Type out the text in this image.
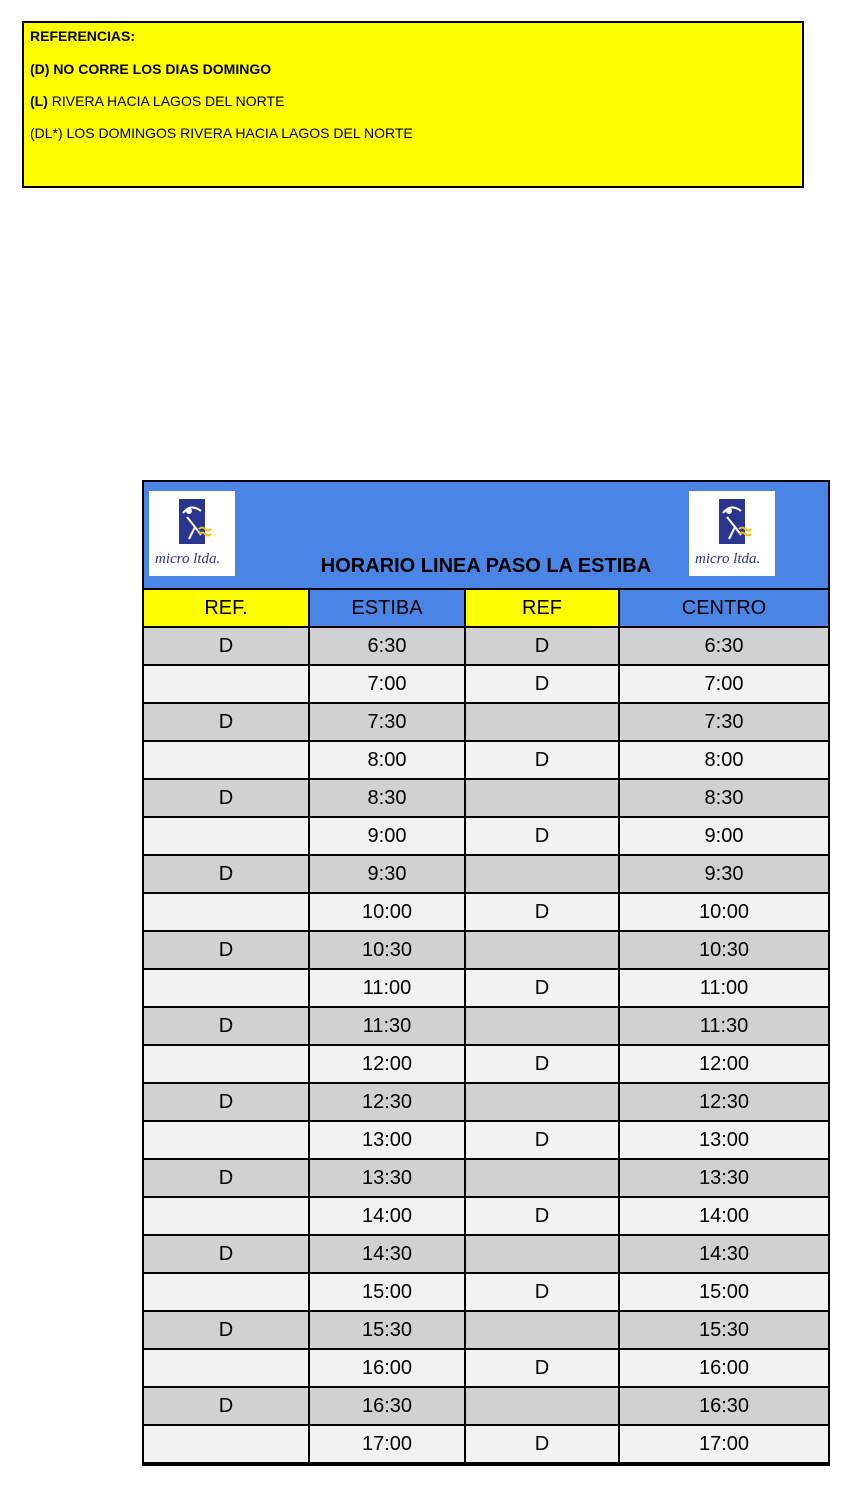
REFERENCIAS:
(D) NO CORRE LOS DIAS DOMINGO
(L) RIVERA HACIA LAGOS DEL NORTE
(DL*) LOS DOMINGOS RIVERA HACIA LAGOS DEL NORTE
micro ltda.	HORARIO LINEA PASO LA ESTIBA	micro ltda.
REF.	ESTIBA	REF	CENTRO
D	6:30	D	6:30
	7:00	D	7:00
D	7:30		7:30
	8:00	D	8:00
D	8:30		8:30
	9:00	D	9:00
D	9:30		9:30
	10:00	D	10:00
D	10:30		10:30
	11:00	D	11:00
D	11:30		11:30
	12:00	D	12:00
D	12:30		12:30
	13:00	D	13:00
D	13:30		13:30
	14:00	D	14:00
D	14:30		14:30
	15:00	D	15:00
D	15:30		15:30
	16:00	D	16:00
D	16:30		16:30
	17:00	D	17:00
